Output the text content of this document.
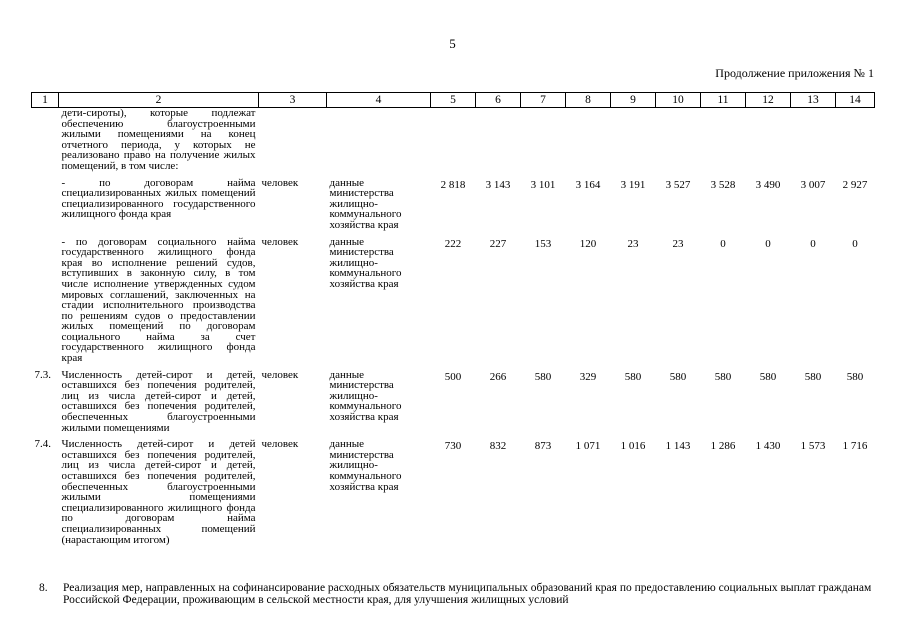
5
Продолжение приложения № 1
1	2	3	4	5	6	7	8	9	10	11	12	13	14
	дети-сироты), которые подлежат обеспечению благоустроенными жилыми помещениями на конец отчетного периода, у которых не реализовано право на получение жилых помещений, в том числе:												

	- по договорам найма специализированных жилых помещений специализированного государственного жилищного фонда края	человек	данные министерства жилищно-коммунального хозяйства края	2 818	3 143	3 101	3 164	3 191	3 527	3 528	3 490	3 007	2 927

	- по договорам социального найма государственного жилищного фонда края во исполнение решений судов, вступивших в законную силу, в том числе исполнение утвержденных судом мировых соглашений, заключенных на стадии исполнительного производства по решениям судов о предоставлении жилых помещений по договорам социального найма за счет государственного жилищного фонда края	человек	данные министерства жилищно-коммунального хозяйства края	222	227	153	120	23	23	0	0	0	0

7.3.	Численность детей-сирот и детей, оставшихся без попечения родителей, лиц из числа детей-сирот и детей, оставшихся без попечения родителей, обеспеченных благоустроенными жилыми помещениями	человек	данные министерства жилищно-коммунального хозяйства края	500	266	580	329	580	580	580	580	580	580

7.4.	Численность детей-сирот и детей оставшихся без попечения родителей, лиц из числа детей-сирот и детей, оставшихся без попечения родителей, обеспеченных благоустроенными жилыми помещениями специализированного жилищного фонда по договорам найма специализированных помещений (нарастающим итогом)	человек	данные министерства жилищно-коммунального хозяйства края	730	832	873	1 071	1 016	1 143	1 286	1 430	1 573	1 716
8. Реализация мер, направленных на софинансирование расходных обязательств муниципальных образований края по предоставлению социальных выплат гражданам Российской Федерации, проживающим в сельской местности края, для улучшения жилищных условий
